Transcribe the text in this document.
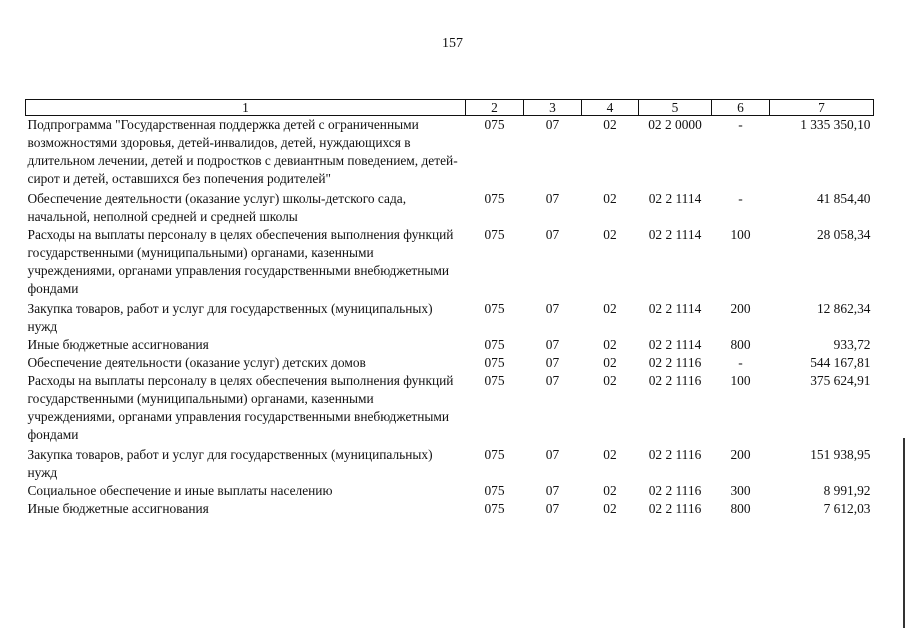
157
1	2	3	4	5	6	7
Подпрограмма "Государственная поддержка детей с ограниченными возможностями здоровья, детей-инвалидов, детей, нуждающихся в длительном лечении, детей и подростков с девиантным поведением, детей-сирот и детей, оставшихся без попечения родителей"	075	07	02	02 2 0000	-	1 335 350,10
Обеспечение деятельности (оказание услуг) школы-детского сада, начальной, неполной средней и средней школы	075	07	02	02 2 1114	-	41 854,40
Расходы на выплаты персоналу в целях обеспечения выполнения функций государственными (муниципальными) органами, казенными учреждениями, органами управления государственными внебюджетными фондами	075	07	02	02 2 1114	100	28 058,34
Закупка товаров, работ и услуг для государственных (муниципальных) нужд	075	07	02	02 2 1114	200	12 862,34
Иные бюджетные ассигнования	075	07	02	02 2 1114	800	933,72
Обеспечение деятельности (оказание услуг) детских домов	075	07	02	02 2 1116	-	544 167,81
Расходы на выплаты персоналу в целях обеспечения выполнения функций государственными (муниципальными) органами, казенными учреждениями, органами управления государственными внебюджетными фондами	075	07	02	02 2 1116	100	375 624,91
Закупка товаров, работ и услуг для государственных (муниципальных) нужд	075	07	02	02 2 1116	200	151 938,95
Социальное обеспечение и иные выплаты населению	075	07	02	02 2 1116	300	8 991,92
Иные бюджетные ассигнования	075	07	02	02 2 1116	800	7 612,03
